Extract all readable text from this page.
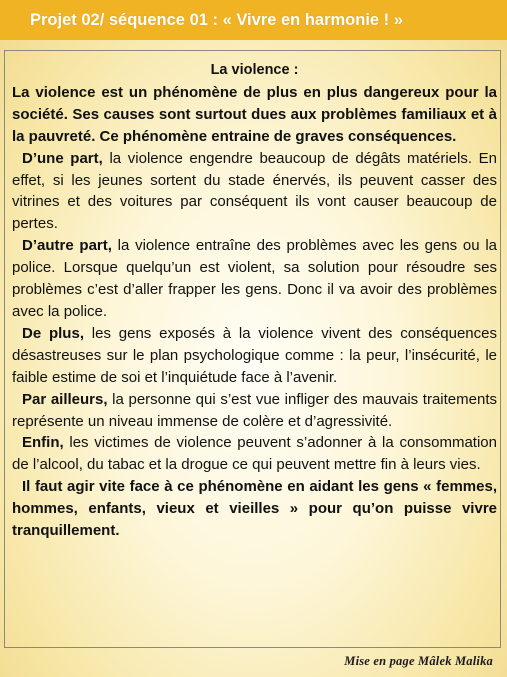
Projet 02/ séquence 01 : « Vivre en harmonie ! »

La violence :

La violence est un phénomène de plus en plus dangereux pour la société. Ses causes sont surtout dues aux problèmes familiaux et à la pauvreté. Ce phénomène entraine de graves conséquences.

D’une part, la violence engendre beaucoup de dégâts matériels. En effet, si les jeunes sortent du stade énervés, ils peuvent casser des vitrines et des voitures par conséquent ils vont causer beaucoup de pertes.

D’autre part, la violence entraîne des problèmes avec les gens ou la police. Lorsque quelqu’un est violent, sa solution pour résoudre ses problèmes c’est d’aller frapper les gens. Donc il va avoir des problèmes avec la police.

De plus, les gens exposés à la violence vivent des conséquences désastreuses sur le plan psychologique comme : la peur, l’insécurité, le faible estime de soi et l’inquiétude face à l’avenir.

Par ailleurs, la personne qui s’est vue infliger des mauvais traitements représente un niveau immense de colère et d’agressivité.

Enfin, les victimes de violence peuvent s’adonner à la consommation de l’alcool, du tabac et la drogue ce qui peuvent mettre fin à leurs vies.

Il faut agir vite face à ce phénomène en aidant les gens « femmes, hommes, enfants, vieux et vieilles » pour qu’on puisse vivre tranquillement.

Mise en page Mâlek Malika
